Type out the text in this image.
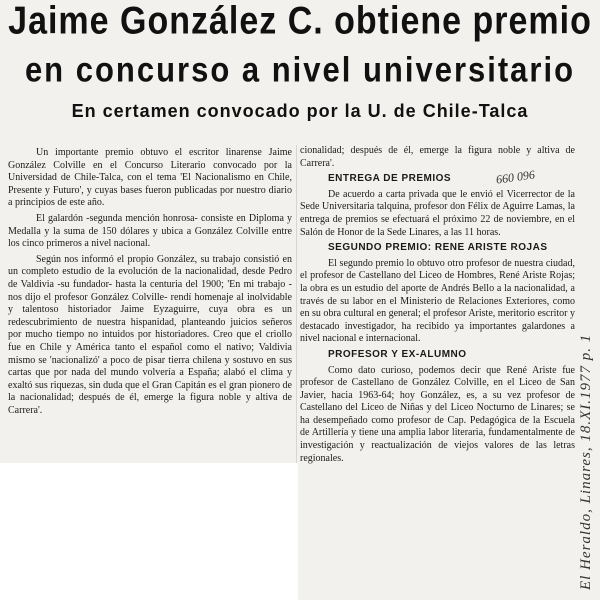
Jaime González C. obtiene premio
en concurso a nivel universitario
En certamen convocado por la U. de Chile-Talca

Un importante premio obtuvo el escritor linarense Jaime González Colville en el Concurso Literario convocado por la Universidad de Chile-Talca, con el tema 'El Nacionalismo en Chile, Presente y Futuro', y cuyas bases fueron publicadas por nuestro diario a principios de este año.

El galardón -segunda mención honrosa- consiste en Diploma y Medalla y la suma de 150 dólares y ubica a González Colville entre los cinco primeros a nivel nacional.

Según nos informó el propio González, su trabajo consistió en un completo estudio de la evolución de la nacionalidad, desde Pedro de Valdivia -su fundador- hasta la centuria del 1900; 'En mi trabajo -nos dijo el profesor González Colville- rendí homenaje al inolvidable y talentoso historiador Jaime Eyzaguirre, cuya obra es un redescubrimiento de nuestra hispanidad, planteando juicios señeros por mucho tiempo no intuidos por historiadores. Creo que el criollo fue en Chile y América tanto el español como el nativo; Valdivia mismo se 'nacionalizó' a poco de pisar tierra chilena y sostuvo en sus cartas que por nada del mundo volvería a España; alabó el clima y exaltó sus riquezas, sin duda que el Gran Capitán es el gran pionero de la nacionalidad; después de él, emerge la figura noble y altiva de Carrera'.

cionalidad; después de él, emerge la figura noble y altiva de Carrera'.

ENTREGA DE PREMIOS

De acuerdo a carta privada que le envió el Vicerrector de la Sede Universitaria talquina, profesor don Félix de Aguirre Lamas, la entrega de premios se efectuará el próximo 22 de noviembre, en el Salón de Honor de la Sede Linares, a las 11 horas.

SEGUNDO PREMIO: RENE ARISTE ROJAS

El segundo premio lo obtuvo otro profesor de nuestra ciudad, el profesor de Castellano del Liceo de Hombres, René Ariste Rojas; la obra es un estudio del aporte de Andrés Bello a la nacionalidad, a través de su labor en el Ministerio de Relaciones Exteriores, como en su obra cultural en general; el profesor Ariste, meritorio escritor y destacado investigador, ha recibido ya importantes galardones a nivel nacional e internacional.

PROFESOR Y EX-ALUMNO

Como dato curioso, podemos decir que René Ariste fue profesor de Castellano de González Colville, en el Liceo de San Javier, hacia 1963-64; hoy González, es, a su vez profesor de Castellano del Liceo de Niñas y del Liceo Nocturno de Linares; se ha desempeñado como profesor de Cap. Pedagógica de la Escuela de Artillería y tiene una amplia labor literaria, fundamentalmente de investigación y reactualización de viejos valores de las letras regionales.

660 096
El Heraldo, Linares, 18.XI.1977 p. 1
